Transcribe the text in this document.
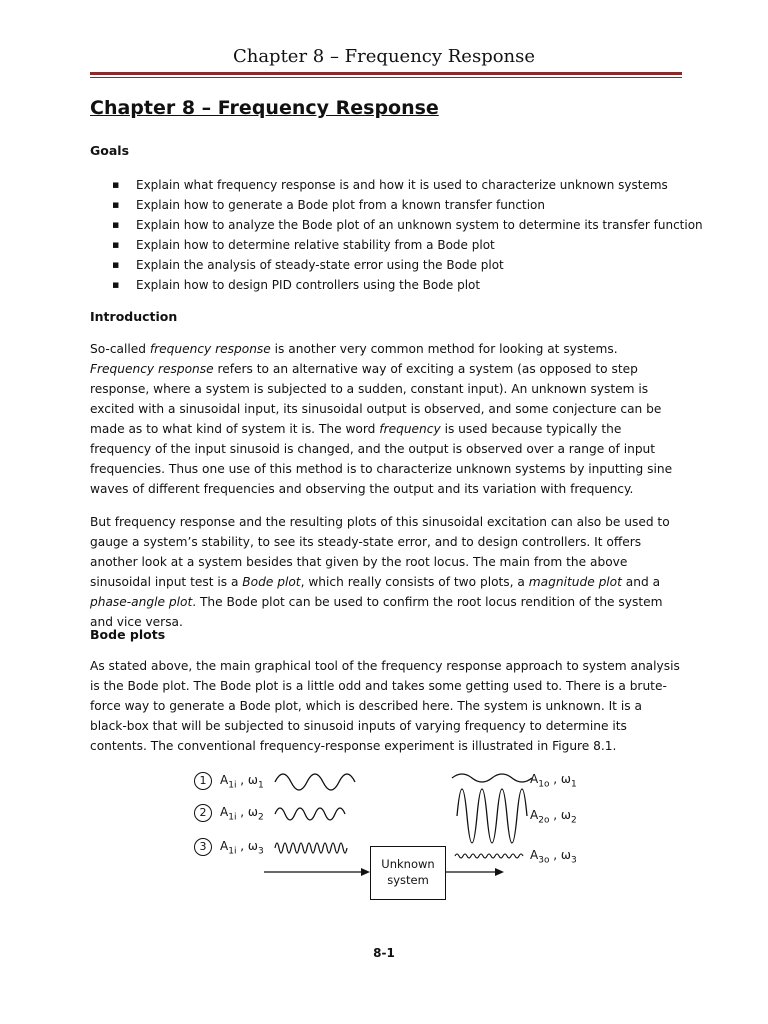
Chapter 8 – Frequency Response
Chapter 8 – Frequency Response
Goals
▪ Explain what frequency response is and how it is used to characterize unknown systems
▪ Explain how to generate a Bode plot from a known transfer function
▪ Explain how to analyze the Bode plot of an unknown system to determine its transfer function
▪ Explain how to determine relative stability from a Bode plot
▪ Explain the analysis of steady-state error using the Bode plot
▪ Explain how to design PID controllers using the Bode plot
Introduction

So-called frequency response is another very common method for looking at systems. Frequency response refers to an alternative way of exciting a system (as opposed to step response, where a system is subjected to a sudden, constant input). An unknown system is excited with a sinusoidal input, its sinusoidal output is observed, and some conjecture can be made as to what kind of system it is. The word frequency is used because typically the frequency of the input sinusoid is changed, and the output is observed over a range of input frequencies. Thus one use of this method is to characterize unknown systems by inputting sine waves of different frequencies and observing the output and its variation with frequency.

But frequency response and the resulting plots of this sinusoidal excitation can also be used to gauge a system’s stability, to see its steady-state error, and to design controllers. It offers another look at a system besides that given by the root locus. The main from the above sinusoidal input test is a Bode plot, which really consists of two plots, a magnitude plot and a phase-angle plot. The Bode plot can be used to confirm the root locus rendition of the system and vice versa.

Bode plots

As stated above, the main graphical tool of the frequency response approach to system analysis is the Bode plot. The Bode plot is a little odd and takes some getting used to. There is a brute-force way to generate a Bode plot, which is described here. The system is unknown. It is a black-box that will be subjected to sinusoid inputs of varying frequency to determine its contents. The conventional frequency-response experiment is illustrated in Figure 8.1.

1	$A_{1i}$ , $\omega_1$
2	$A_{1i}$ , $\omega_2$
3	$A_{1i}$ , $\omega_3$
$A_{1o}$ , $\omega_1$
$A_{2o}$ , $\omega_2$
$A_{3o}$ , $\omega_3$
Unknown
system
8-1
